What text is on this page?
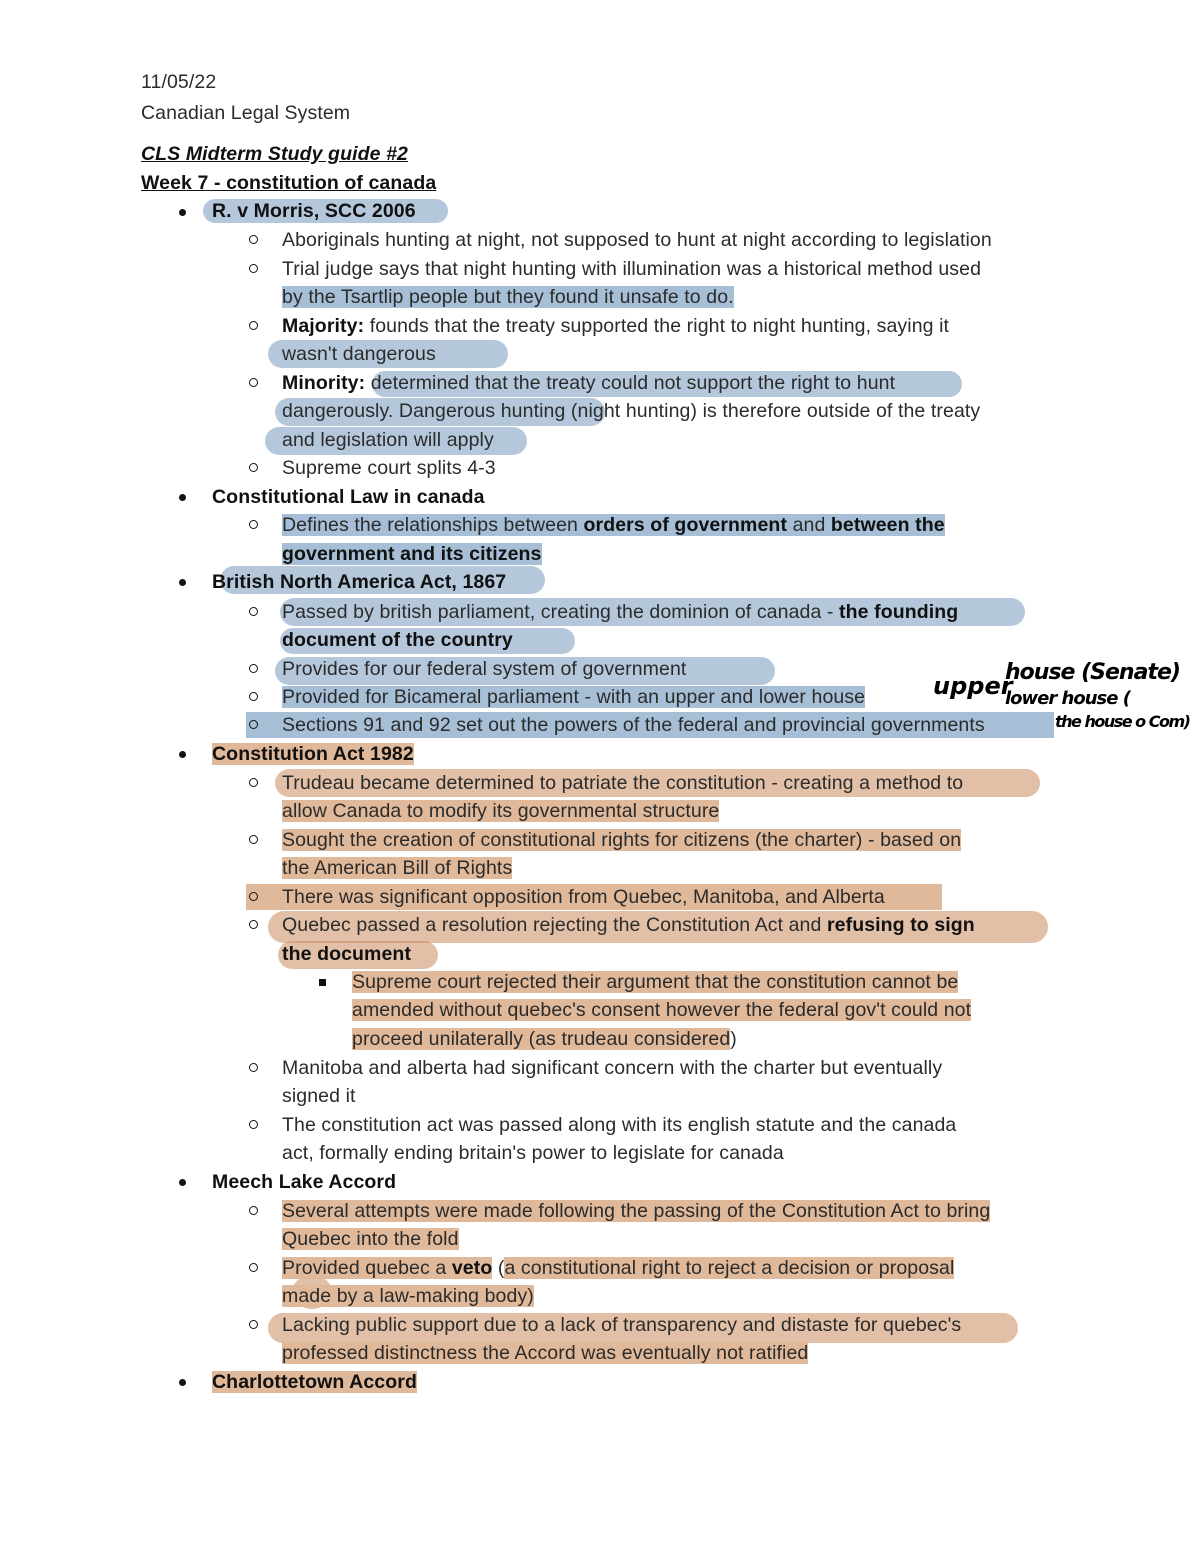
11/05/22
Canadian Legal System
CLS Midterm Study guide #2
Week 7 - constitution of canada
R. v Morris, SCC 2006
Aboriginals hunting at night, not supposed to hunt at night according to legislation
Trial judge says that night hunting with illumination was a historical method used
by the Tsartlip people but they found it unsafe to do.
Majority: founds that the treaty supported the right to night hunting, saying it
wasn't dangerous
Minority: determined that the treaty could not support the right to hunt
dangerously. Dangerous hunting (night hunting) is therefore outside of the treaty
and legislation will apply
Supreme court splits 4-3
Constitutional Law in canada
Defines the relationships between orders of government and between the
government and its citizens
British North America Act, 1867
Passed by british parliament, creating the dominion of canada - the founding
document of the country
Provides for our federal system of government
Provided for Bicameral parliament - with an upper and lower house
Sections 91 and 92 set out the powers of the federal and provincial governments
upper
house (Senate)
lower house (
the house o Com)
Constitution Act 1982
Trudeau became determined to patriate the constitution - creating a method to
allow Canada to modify its governmental structure
Sought the creation of constitutional rights for citizens (the charter) - based on
the American Bill of Rights
There was significant opposition from Quebec, Manitoba, and Alberta
Quebec passed a resolution rejecting the Constitution Act and refusing to sign
the document
Supreme court rejected their argument that the constitution cannot be
amended without quebec's consent however the federal gov't could not
proceed unilaterally (as trudeau considered)
Manitoba and alberta had significant concern with the charter but eventually
signed it
The constitution act was passed along with its english statute and the canada
act, formally ending britain's power to legislate for canada
Meech Lake Accord
Several attempts were made following the passing of the Constitution Act to bring
Quebec into the fold
Provided quebec a veto (a constitutional right to reject a decision or proposal
made by a law-making body)
Lacking public support due to a lack of transparency and distaste for quebec's
professed distinctness the Accord was eventually not ratified
Charlottetown Accord
